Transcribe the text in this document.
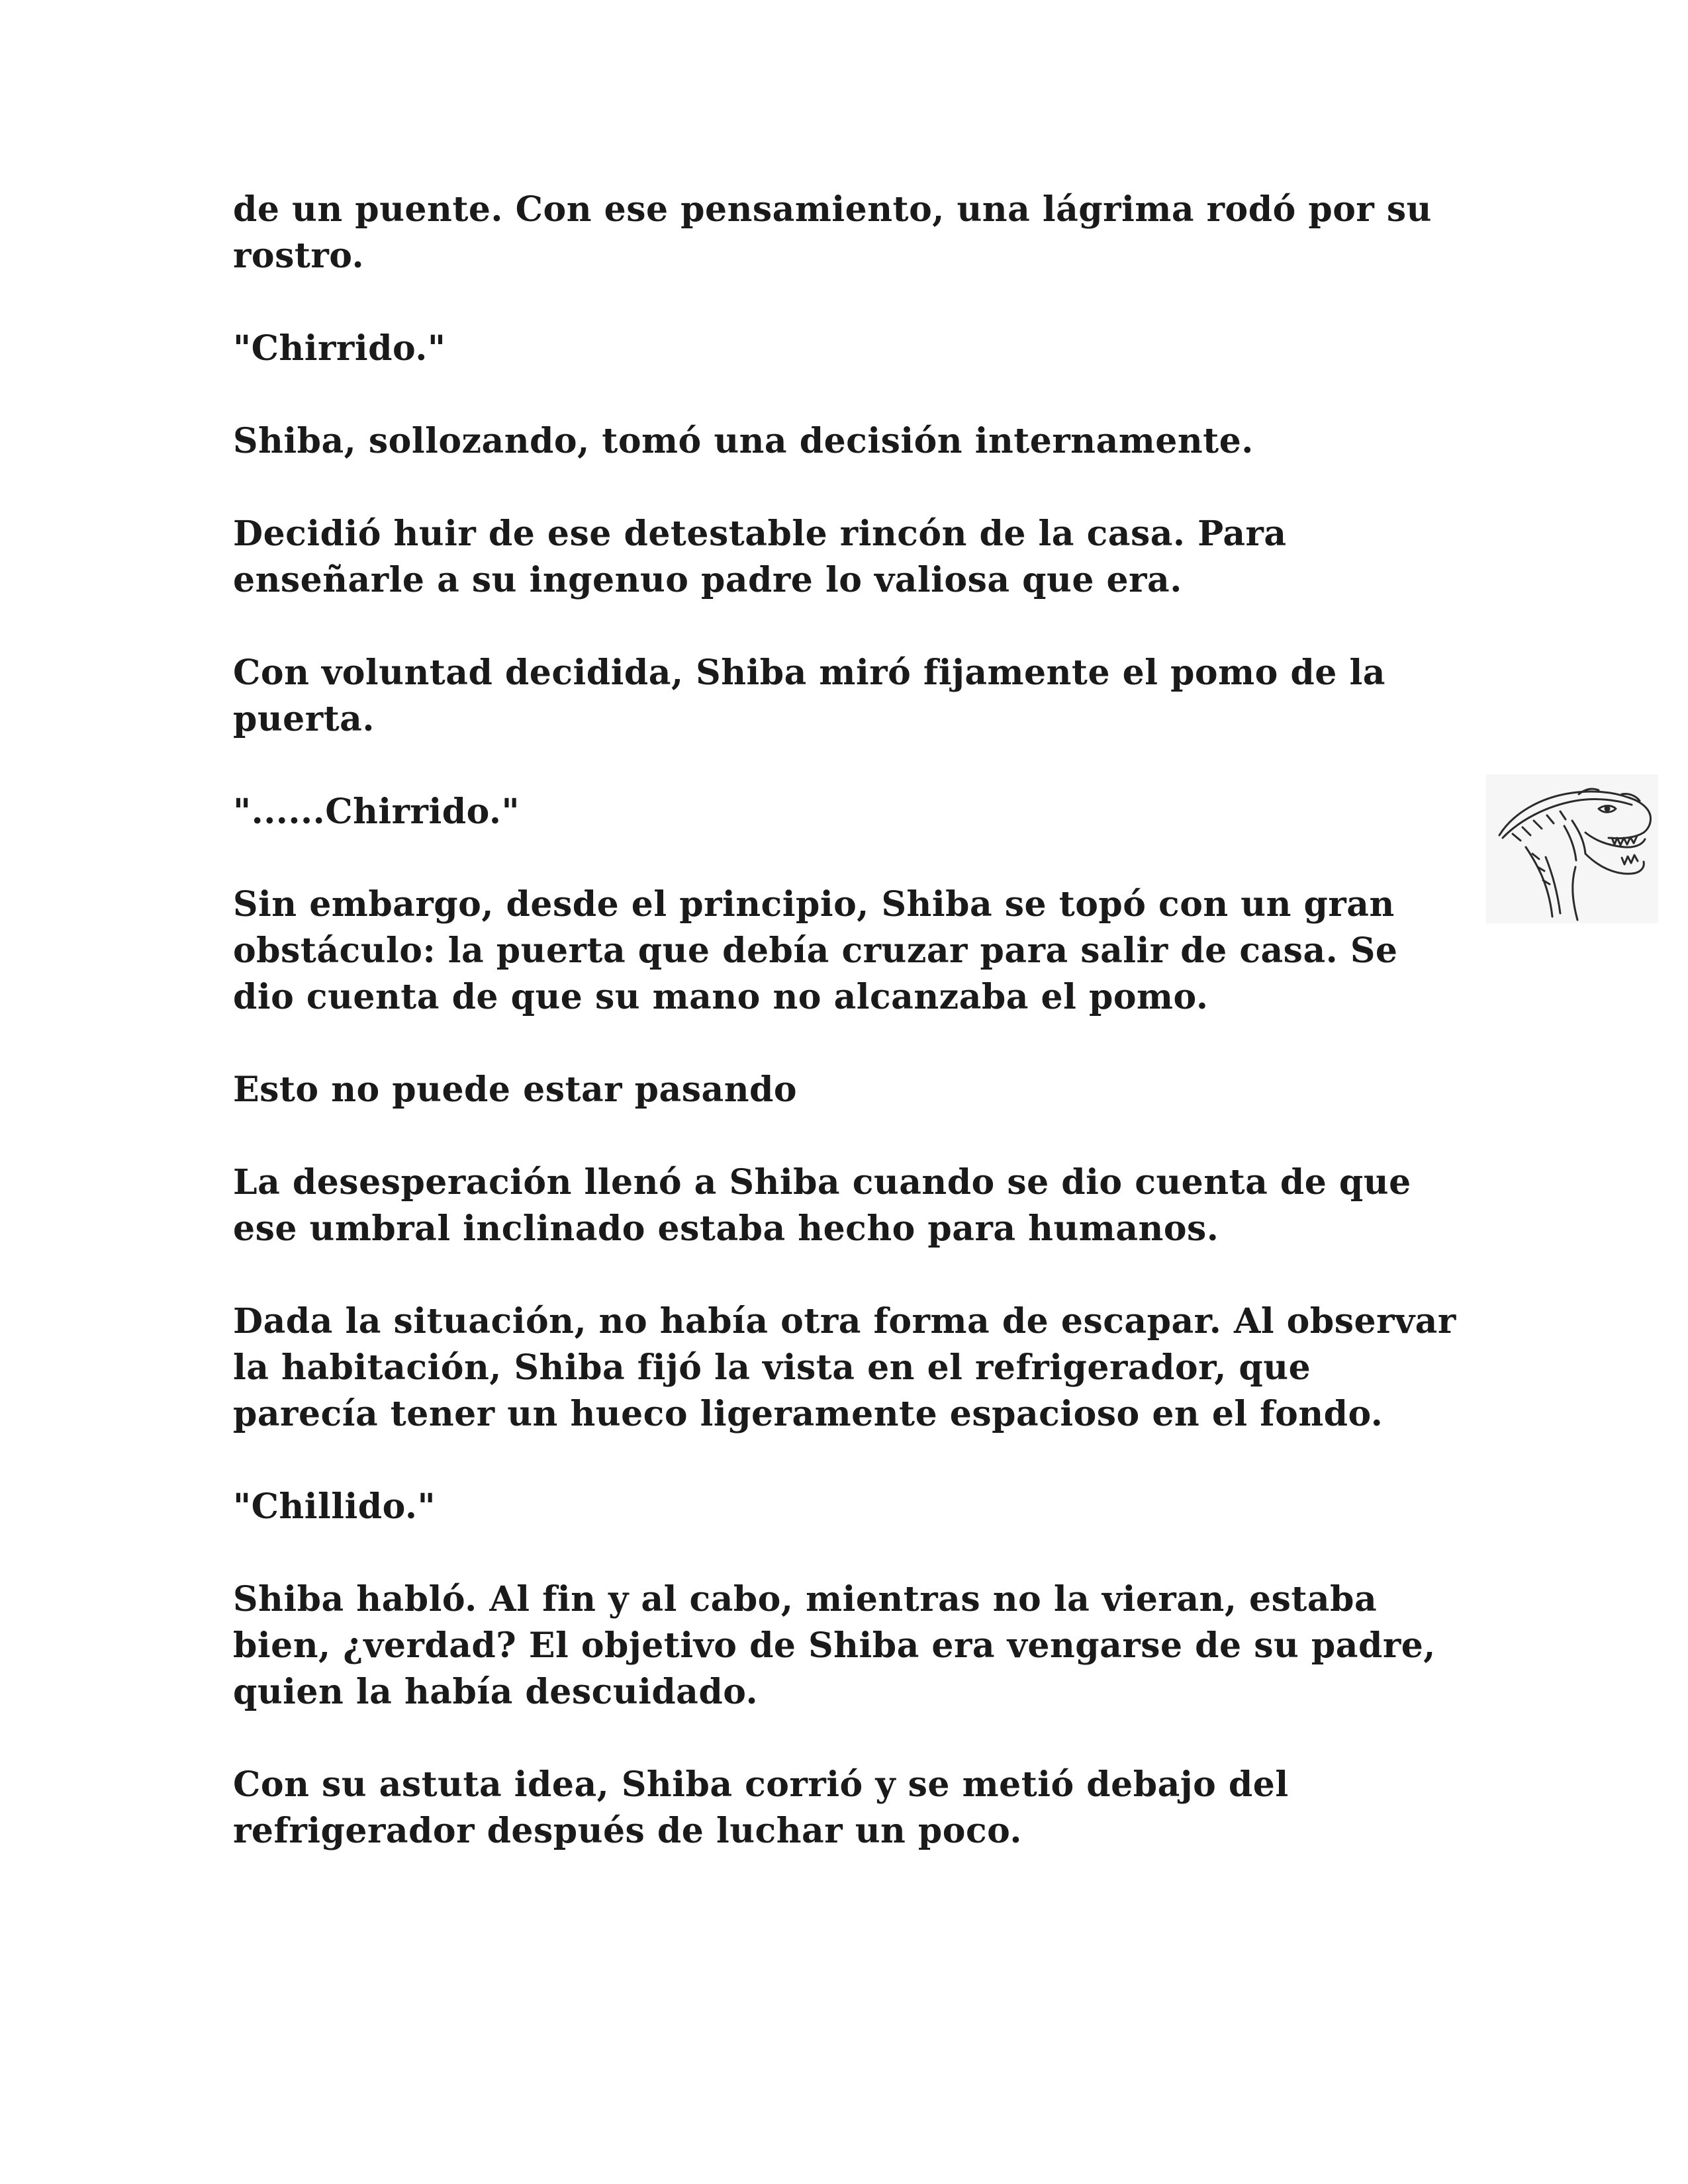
de un puente. Con ese pensamiento, una lágrima rodó por su rostro.

"Chirrido."

Shiba, sollozando, tomó una decisión internamente.

Decidió huir de ese detestable rincón de la casa. Para enseñarle a su ingenuo padre lo valiosa que era.

Con voluntad decidida, Shiba miró fijamente el pomo de la puerta.

"......Chirrido."

Sin embargo, desde el principio, Shiba se topó con un gran obstáculo: la puerta que debía cruzar para salir de casa. Se dio cuenta de que su mano no alcanzaba el pomo.

Esto no puede estar pasando

La desesperación llenó a Shiba cuando se dio cuenta de que ese umbral inclinado estaba hecho para humanos.

Dada la situación, no había otra forma de escapar. Al observar la habitación, Shiba fijó la vista en el refrigerador, que parecía tener un hueco ligeramente espacioso en el fondo.

"Chillido."

Shiba habló. Al fin y al cabo, mientras no la vieran, estaba bien, ¿verdad? El objetivo de Shiba era vengarse de su padre, quien la había descuidado.

Con su astuta idea, Shiba corrió y se metió debajo del refrigerador después de luchar un poco.
